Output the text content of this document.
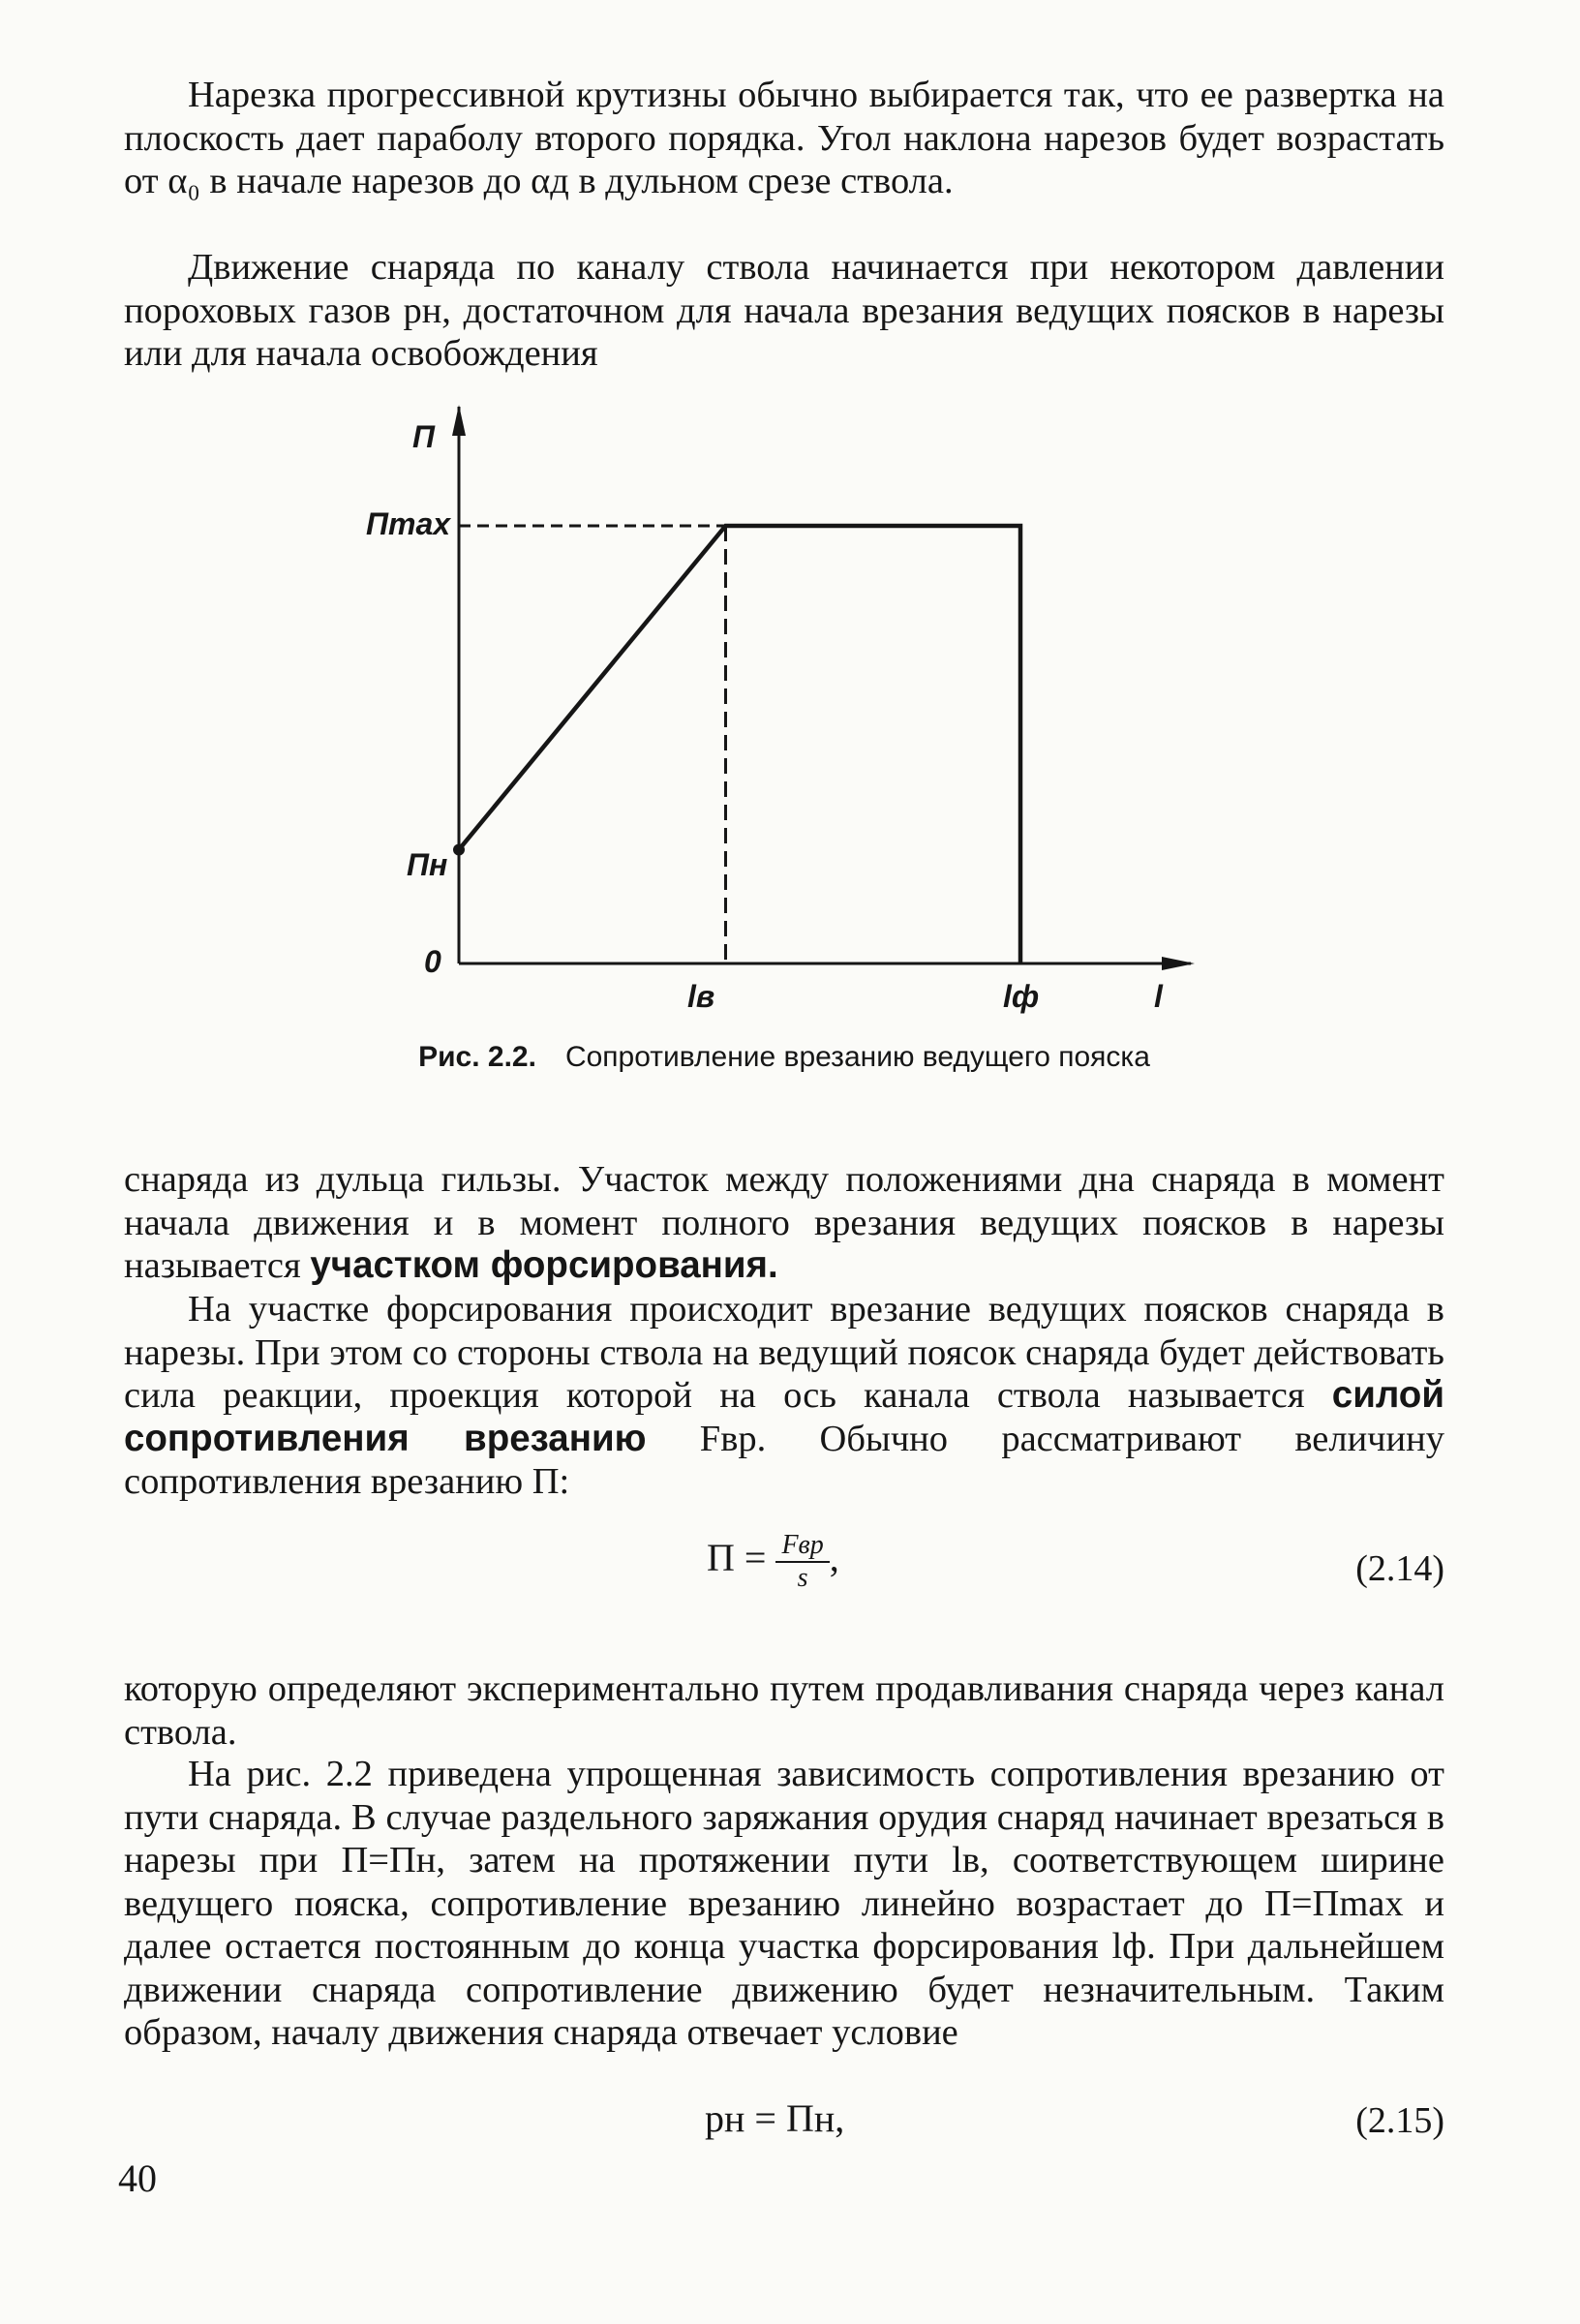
Нарезка прогрессивной крутизны обычно выбирается так, что ее развертка на плоскость дает параболу второго порядка. Угол наклона нарезов будет возрастать от α₀ в начале нарезов до αд в дульном срезе ствола.

Движение снаряда по каналу ствола начинается при некотором давлении пороховых газов pн, достаточном для начала врезания ведущих поясков в нарезы или для начала освобождения

П
l
0
Пmax
Пн
lв	lф
Рис. 2.2. Сопротивление врезанию ведущего пояска

снаряда из дульца гильзы. Участок между положениями дна снаряда в момент начала движения и в момент полного врезания ведущих поясков в нарезы называется участком форсирования.

На участке форсирования происходит врезание ведущих поясков снаряда в нарезы. При этом со стороны ствола на ведущий поясок снаряда будет действовать сила реакции, проекция которой на ось канала ствола называется силой сопротивления врезанию Fвр. Обычно рассматривают величину сопротивления врезанию П:

$П = \frac{\text{Fвр}}{s}$ ,	(2.14)

которую определяют экспериментально путем продавливания снаряда через канал ствола.

На рис. 2.2 приведена упрощенная зависимость сопротивления врезанию от пути снаряда. В случае раздельного заряжания орудия снаряд начинает врезаться в нарезы при П=Пн, затем на протяжении пути lв, соответствующем ширине ведущего пояска, сопротивление врезанию линейно возрастает до П=Пmax и далее остается постоянным до конца участка форсирования lф. При дальнейшем движении снаряда сопротивление движению будет незначительным. Таким образом, началу движения снаряда отвечает условие

pн = Пн,	(2.15)
40
